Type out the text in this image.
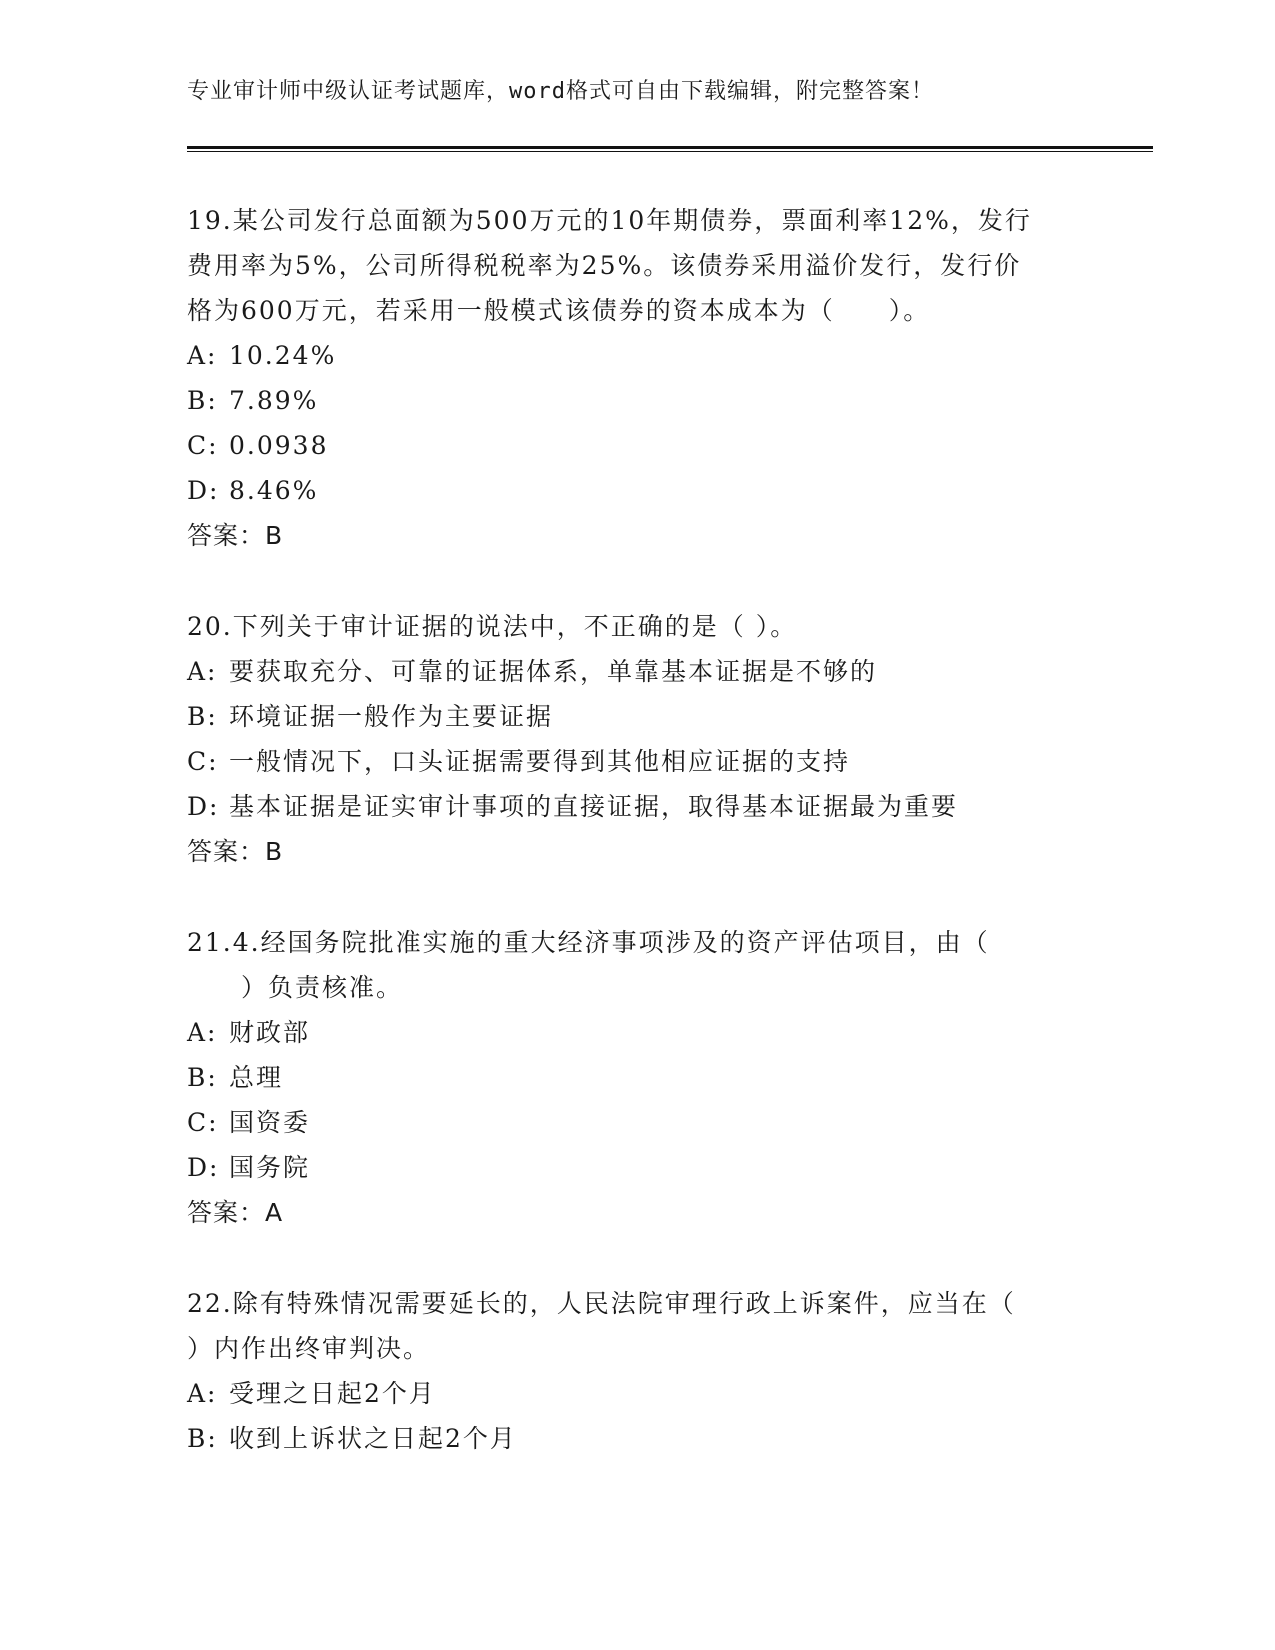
专业审计师中级认证考试题库，word格式可自由下载编辑，附完整答案！
19.某公司发行总面额为500万元的10年期债券，票面利率12%，发行
费用率为5%，公司所得税税率为25%。该债券采用溢价发行，发行价
格为600万元，若采用一般模式该债券的资本成本为（　　）。
A: 10.24%
B: 7.89%
C: 0.0938
D: 8.46%
答案：B
20.下列关于审计证据的说法中，不正确的是（ ）。
A: 要获取充分、可靠的证据体系，单靠基本证据是不够的
B: 环境证据一般作为主要证据
C: 一般情况下，口头证据需要得到其他相应证据的支持
D: 基本证据是证实审计事项的直接证据，取得基本证据最为重要
答案：B
21.4.经国务院批准实施的重大经济事项涉及的资产评估项目，由（
　　）负责核准。
A: 财政部
B: 总理
C: 国资委
D: 国务院
答案：A
22.除有特殊情况需要延长的，人民法院审理行政上诉案件，应当在（
）内作出终审判决。
A: 受理之日起2个月
B: 收到上诉状之日起2个月
